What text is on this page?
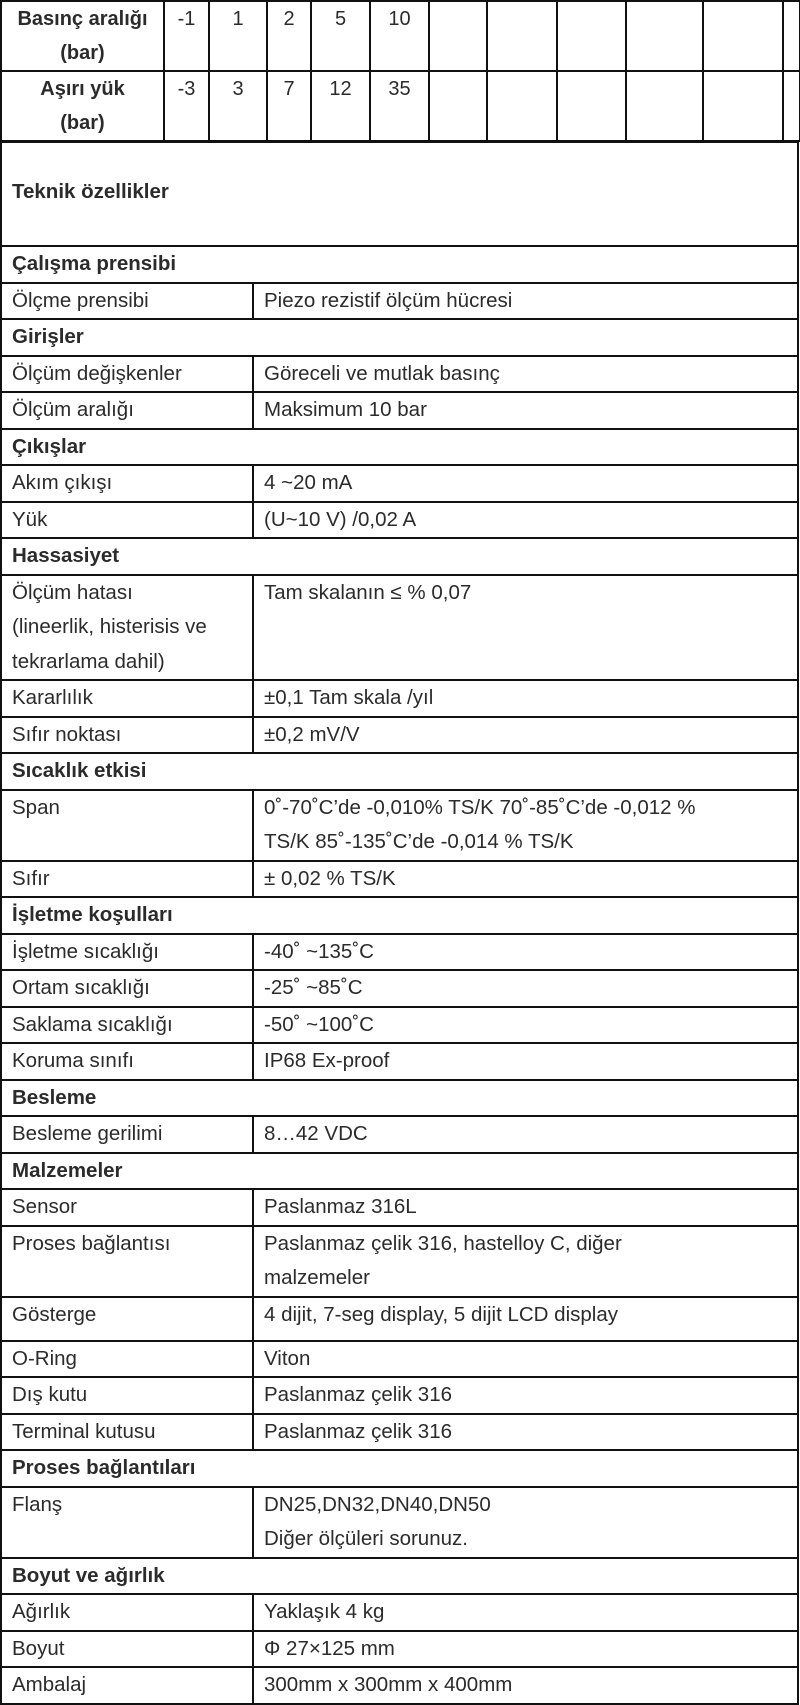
Basınç aralığı
(bar)	-1	1	2	5	10						
Aşırı yük
(bar)	-3	3	7	12	35						
Teknik özellikler	
Çalışma prensibi	
Ölçme prensibi	Piezo rezistif ölçüm hücresi
Girişler	
Ölçüm değişkenler	Göreceli ve mutlak basınç
Ölçüm aralığı	Maksimum 10 bar
Çıkışlar	
Akım çıkışı	4 ~20 mA
Yük	(U~10 V) /0,02 A
Hassasiyet	
Ölçüm hatası
(lineerlik, histerisis ve
tekrarlama dahil)	Tam skalanın ≤ % 0,07
Kararlılık	±0,1 Tam skala /yıl
Sıfır noktası	±0,2 mV/V
Sıcaklık etkisi	
Span	0˚-70˚C’de -0,010% TS/K 70˚-85˚C’de -0,012 %
TS/K 85˚-135˚C’de -0,014 % TS/K
Sıfır	± 0,02 % TS/K
İşletme koşulları	
İşletme sıcaklığı	-40˚ ~135˚C
Ortam sıcaklığı	-25˚ ~85˚C
Saklama sıcaklığı	-50˚ ~100˚C
Koruma sınıfı	IP68 Ex-proof
Besleme	
Besleme gerilimi	8…42 VDC
Malzemeler	
Sensor	Paslanmaz 316L
Proses bağlantısı	Paslanmaz çelik 316, hastelloy C, diğer
malzemeler
Gösterge	4 dijit, 7-seg display, 5 dijit LCD display
O-Ring	Viton
Dış kutu	Paslanmaz çelik 316
Terminal kutusu	Paslanmaz çelik 316
Proses bağlantıları	
Flanş	DN25,DN32,DN40,DN50
Diğer ölçüleri sorunuz.
Boyut ve ağırlık	
Ağırlık	Yaklaşık 4 kg
Boyut	Φ 27×125 mm
Ambalaj	300mm x 300mm x 400mm
